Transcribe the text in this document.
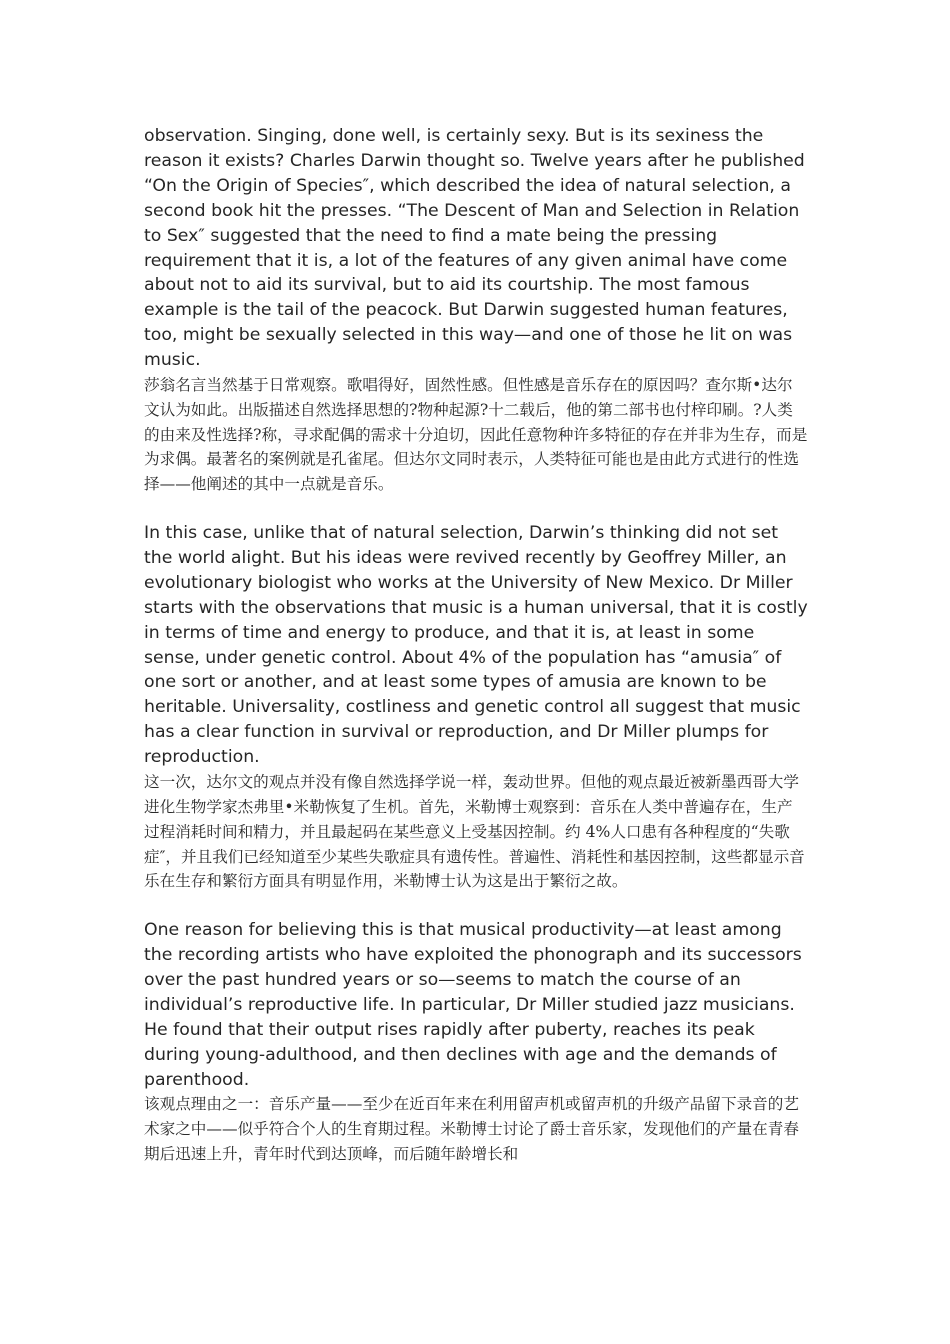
observation. Singing, done well, is certainly sexy. But is its sexiness the reason it exists? Charles Darwin thought so. Twelve years after he published “On the Origin of Species″, which described the idea of natural selection, a second book hit the presses. “The Descent of Man and Selection in Relation to Sex″ suggested that the need to find a mate being the pressing requirement that it is, a lot of the features of any given animal have come about not to aid its survival, but to aid its courtship. The most famous example is the tail of the peacock. But Darwin suggested human features, too, might be sexually selected in this way—and one of those he lit on was music.

莎翁名言当然基于日常观察。歌唱得好，固然性感。但性感是音乐存在的原因吗？查尔斯•达尔文认为如此。出版描述自然选择思想的?物种起源?十二载后，他的第二部书也付梓印刷。?人类的由来及性选择?称，寻求配偶的需求十分迫切，因此任意物种许多特征的存在并非为生存，而是为求偶。最著名的案例就是孔雀尾。但达尔文同时表示，人类特征可能也是由此方式进行的性选择——他阐述的其中一点就是音乐。

In this case, unlike that of natural selection, Darwin’s thinking did not set the world alight. But his ideas were revived recently by Geoffrey Miller, an evolutionary biologist who works at the University of New Mexico. Dr Miller starts with the observations that music is a human universal, that it is costly in terms of time and energy to produce, and that it is, at least in some sense, under genetic control. About 4% of the population has “amusia″ of one sort or another, and at least some types of amusia are known to be heritable. Universality, costliness and genetic control all suggest that music has a clear function in survival or reproduction, and Dr Miller plumps for reproduction.

这一次，达尔文的观点并没有像自然选择学说一样，轰动世界。但他的观点最近被新墨西哥大学进化生物学家杰弗里•米勒恢复了生机。首先，米勒博士观察到：音乐在人类中普遍存在，生产过程消耗时间和精力，并且最起码在某些意义上受基因控制。约 4%人口患有各种程度的“失歌症″，并且我们已经知道至少某些失歌症具有遗传性。普遍性、消耗性和基因控制，这些都显示音乐在生存和繁衍方面具有明显作用，米勒博士认为这是出于繁衍之故。

One reason for believing this is that musical productivity—at least among the recording artists who have exploited the phonograph and its successors over the past hundred years or so—seems to match the course of an individual’s reproductive life. In particular, Dr Miller studied jazz musicians. He found that their output rises rapidly after puberty, reaches its peak during young-adulthood, and then declines with age and the demands of parenthood.

该观点理由之一：音乐产量——至少在近百年来在利用留声机或留声机的升级产品留下录音的艺术家之中——似乎符合个人的生育期过程。米勒博士讨论了爵士音乐家，发现他们的产量在青春期后迅速上升，青年时代到达顶峰，而后随年龄增长和
